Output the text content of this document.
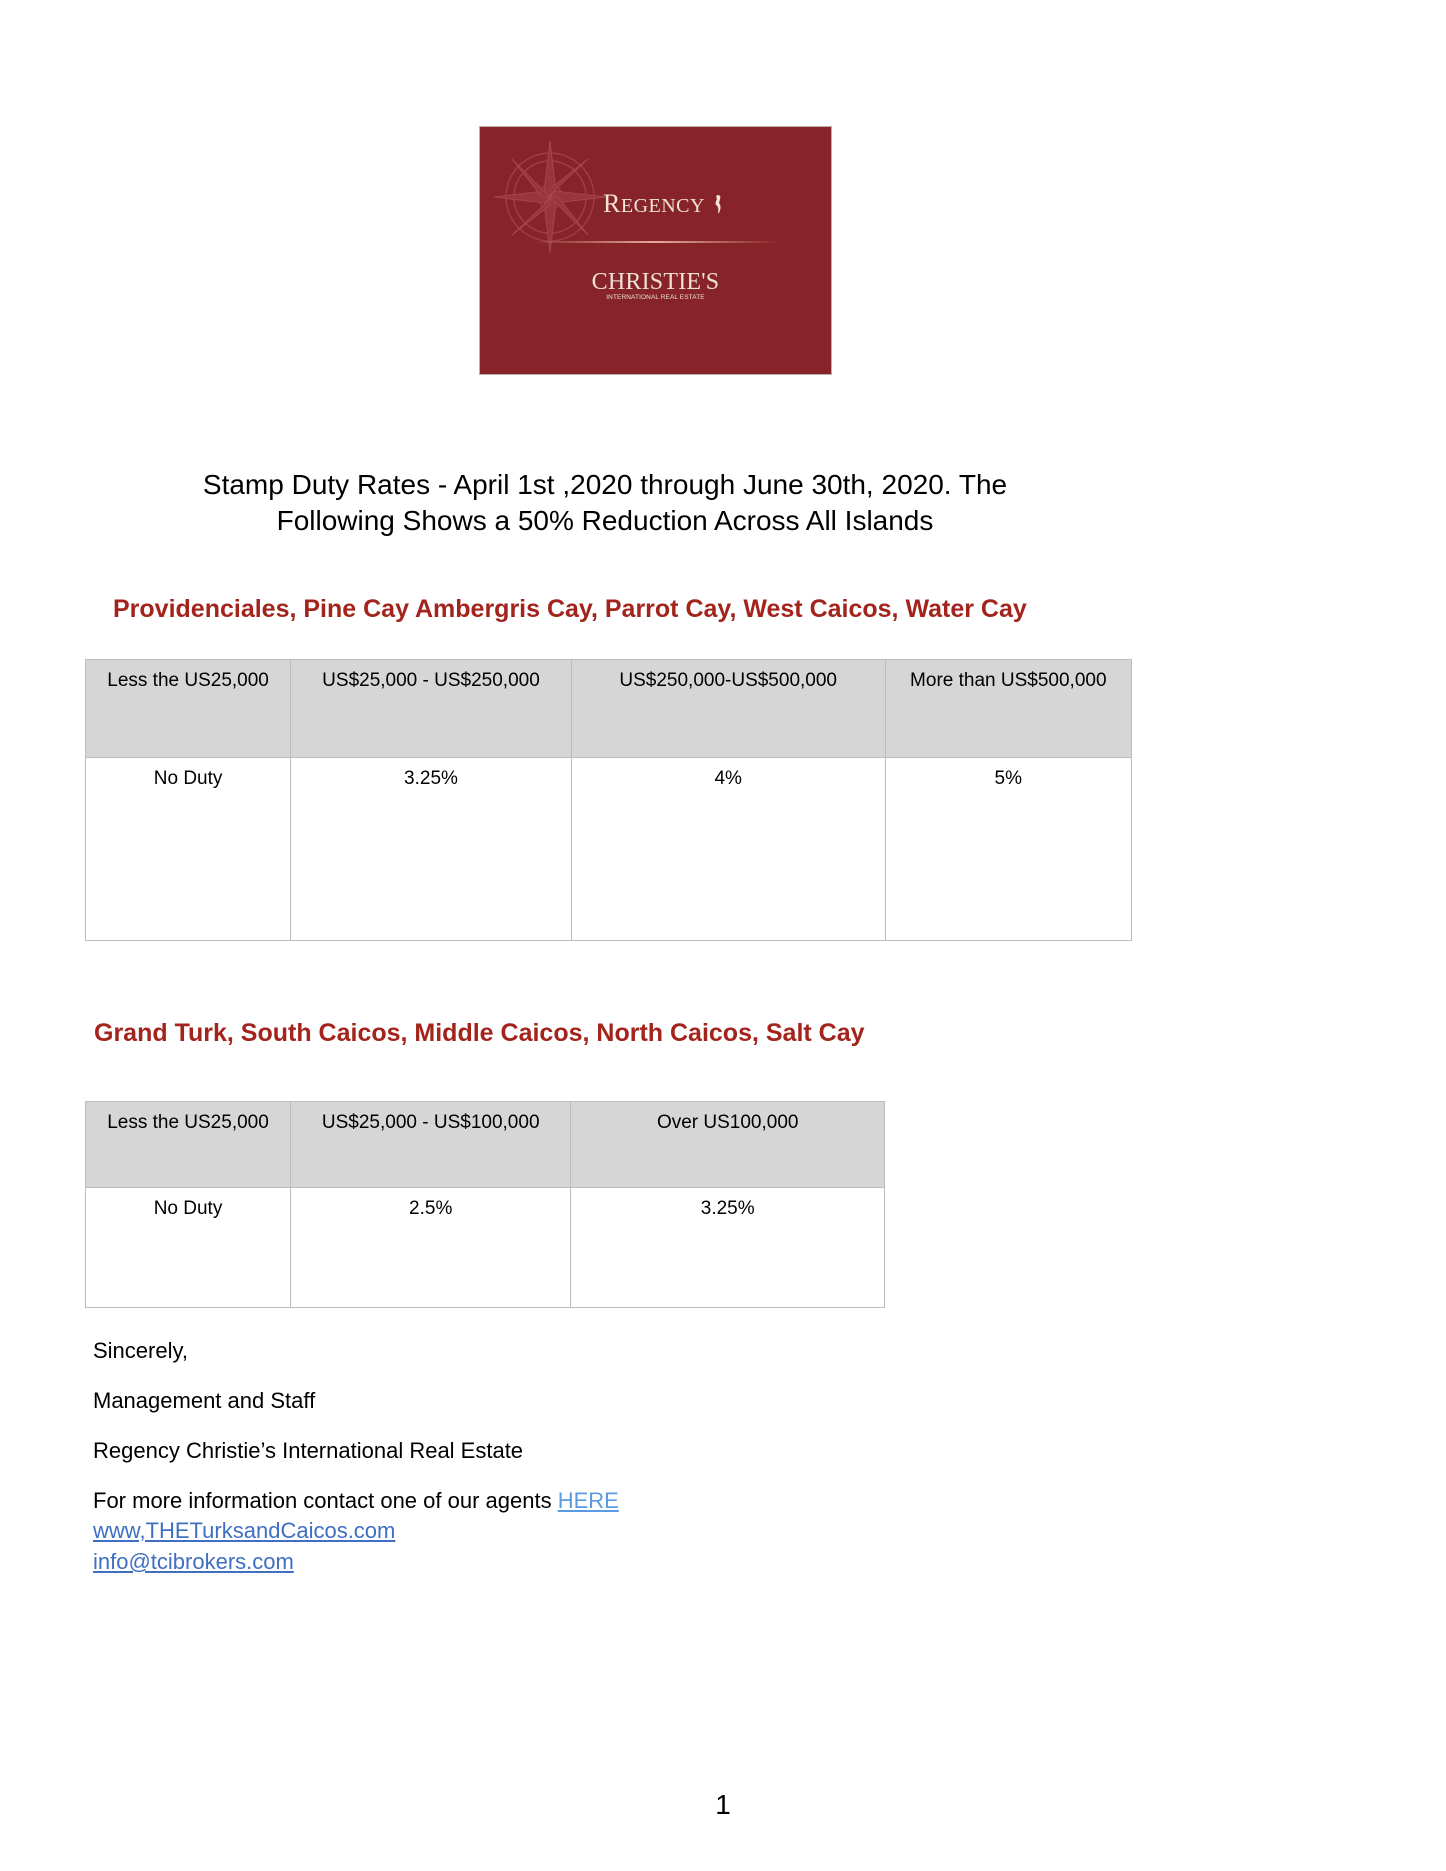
REGENCY
CHRISTIE'S
INTERNATIONAL REAL ESTATE
Stamp Duty Rates - April 1st ,2020 through June 30th, 2020. The
Following Shows a 50% Reduction Across All Islands
Providenciales, Pine Cay Ambergris Cay, Parrot Cay, West Caicos, Water Cay
Less the US25,000	US$25,000 - US$250,000	US$250,000-US$500,000	More than US$500,000
No Duty	3.25%	4%	5%
Grand Turk, South Caicos, Middle Caicos, North Caicos, Salt Cay
Less the US25,000	US$25,000 - US$100,000	Over US100,000
No Duty	2.5%	3.25%
Sincerely,
Management and Staff
Regency Christie’s International Real Estate
For more information contact one of our agents HERE
www,THETurksandCaicos.com
info@tcibrokers.com
1
